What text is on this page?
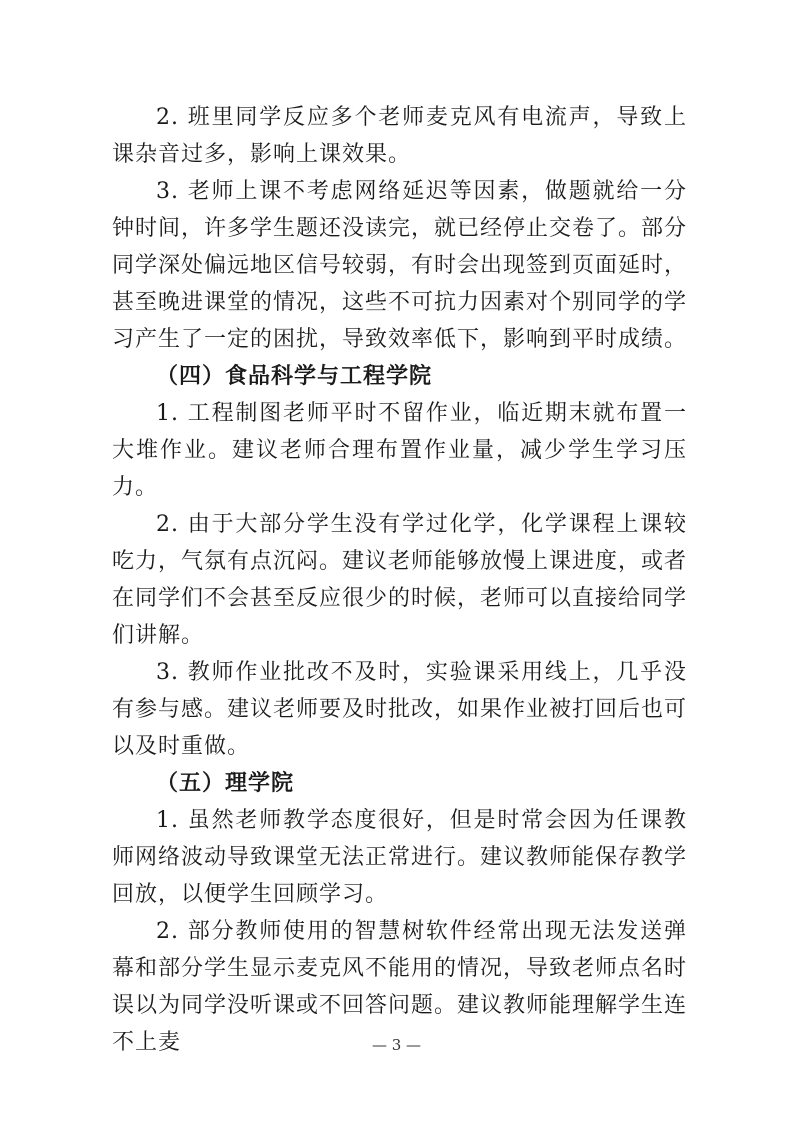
2. 班里同学反应多个老师麦克风有电流声，导致上课杂音过多，影响上课效果。

3. 老师上课不考虑网络延迟等因素，做题就给一分钟时间，许多学生题还没读完，就已经停止交卷了。部分同学深处偏远地区信号较弱，有时会出现签到页面延时，甚至晚进课堂的情况，这些不可抗力因素对个别同学的学习产生了一定的困扰，导致效率低下，影响到平时成绩。

（四）食品科学与工程学院

1. 工程制图老师平时不留作业，临近期末就布置一大堆作业。建议老师合理布置作业量，减少学生学习压力。

2. 由于大部分学生没有学过化学，化学课程上课较吃力，气氛有点沉闷。建议老师能够放慢上课进度，或者在同学们不会甚至反应很少的时候，老师可以直接给同学们讲解。

3. 教师作业批改不及时，实验课采用线上，几乎没有参与感。建议老师要及时批改，如果作业被打回后也可以及时重做。

（五）理学院

1. 虽然老师教学态度很好，但是时常会因为任课教师网络波动导致课堂无法正常进行。建议教师能保存教学回放，以便学生回顾学习。

2. 部分教师使用的智慧树软件经常出现无法发送弹幕和部分学生显示麦克风不能用的情况，导致老师点名时误以为同学没听课或不回答问题。建议教师能理解学生连不上麦	— 3 —
